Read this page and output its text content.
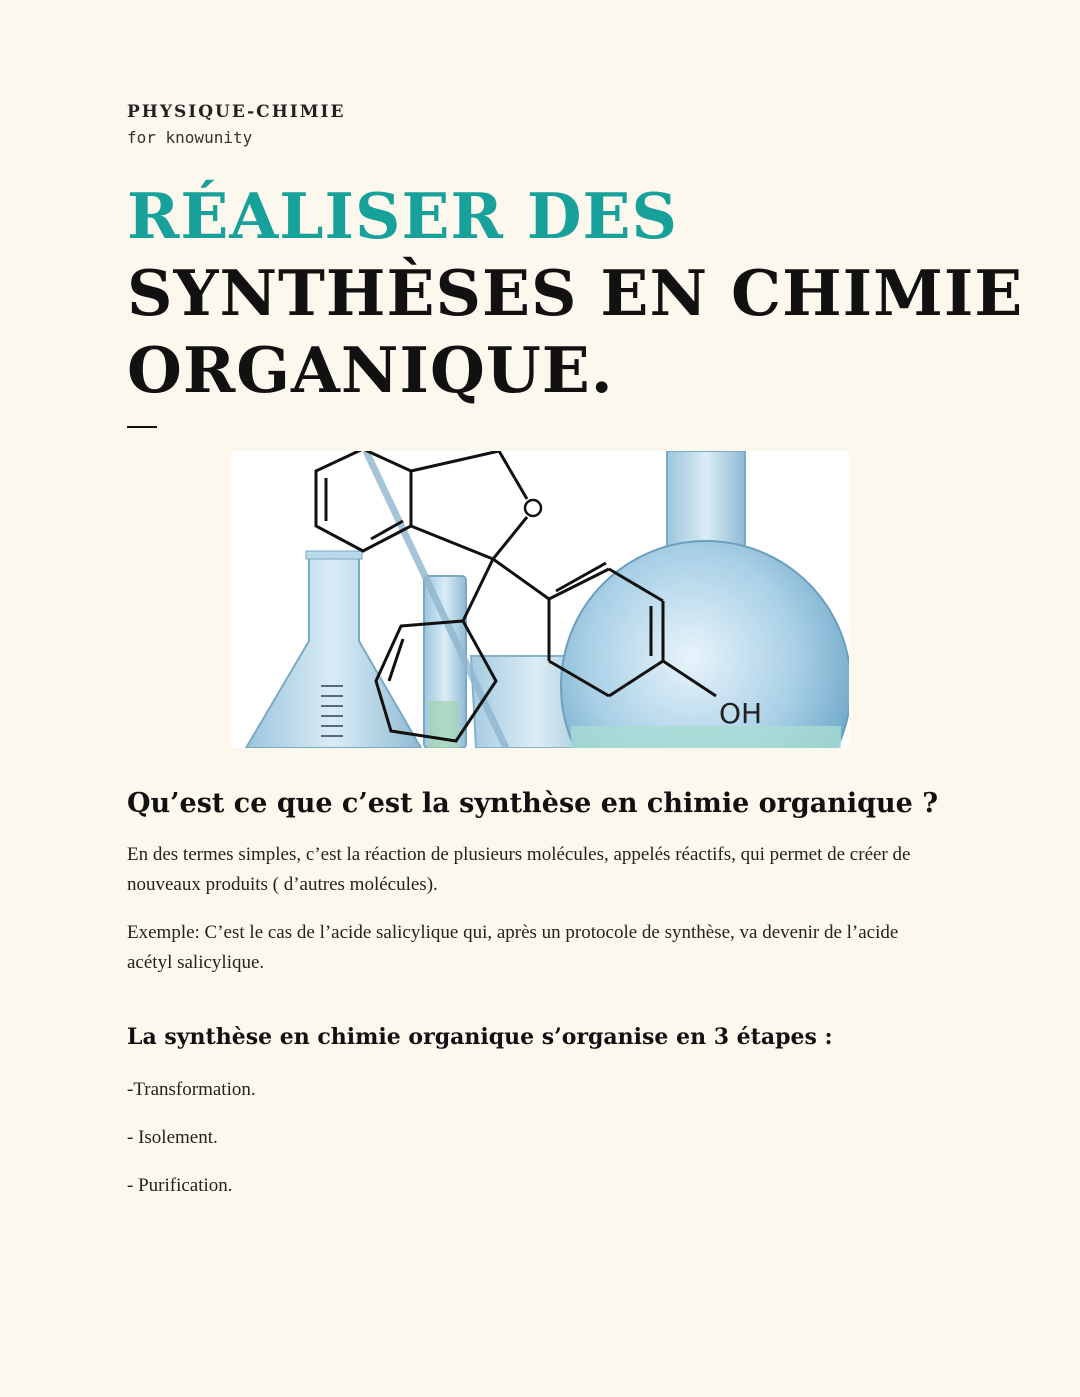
PHYSIQUE-CHIMIE
for knowunity
RÉALISER DES
SYNTHÈSES EN CHIMIE
ORGANIQUE.
OH
Qu’est ce que c’est la synthèse en chimie organique ?

En des termes simples, c’est la réaction de plusieurs molécules, appelés réactifs, qui permet de créer de nouveaux produits ( d’autres molécules).

Exemple: C’est le cas de l’acide salicylique qui, après un protocole de synthèse, va devenir de l’acide acétyl salicylique.

La synthèse en chimie organique s’organise en 3 étapes :
-Transformation.
- Isolement.
- Purification.
